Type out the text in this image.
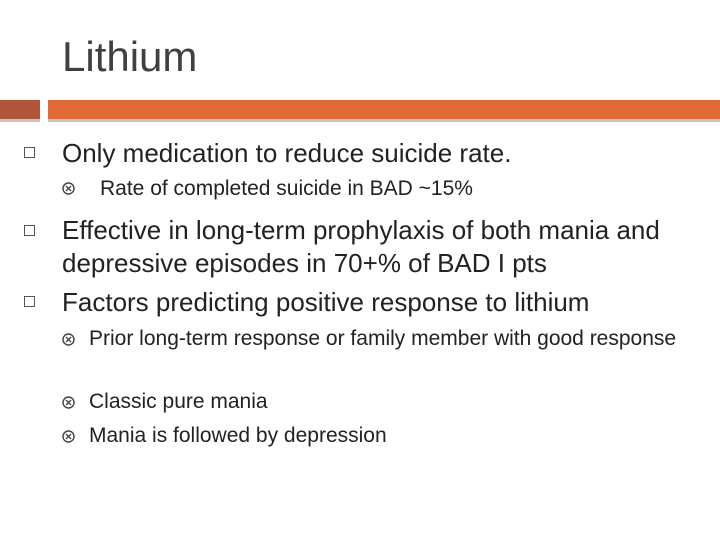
Lithium
Only medication to reduce suicide rate.
Rate of completed suicide in BAD ~15%
Effective in long-term prophylaxis of both mania and depressive episodes in 70+% of BAD I pts
Factors predicting positive response to lithium
Prior long-term response or family member with good response
Classic pure mania
Mania is followed by depression
